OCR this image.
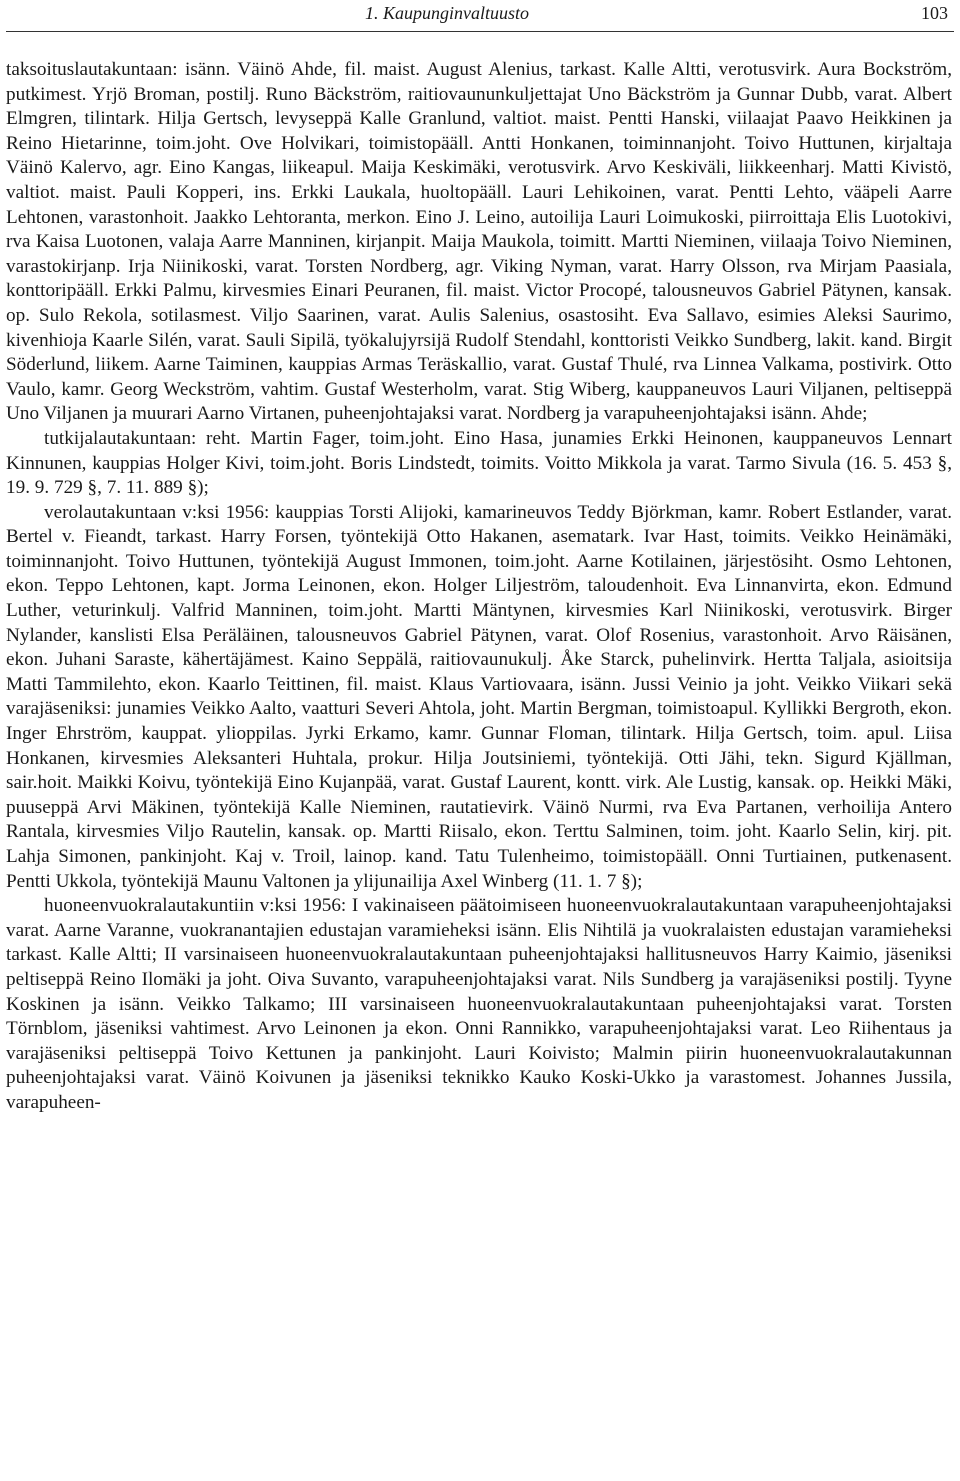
1. Kaupunginvaltuusto	103

taksoituslautakuntaan: isänn. Väinö Ahde, fil. maist. August Alenius, tarkast. Kalle Altti, verotusvirk. Aura Bockström, putkimest. Yrjö Broman, postilj. Runo Bäckström, raitiovaununkuljettajat Uno Bäckström ja Gunnar Dubb, varat. Albert Elmgren, tilintark. Hilja Gertsch, levyseppä Kalle Granlund, valtiot. maist. Pentti Hanski, viilaajat Paavo Heikkinen ja Reino Hietarinne, toim.joht. Ove Holvikari, toimistopääll. Antti Honkanen, toiminnanjoht. Toivo Huttunen, kirjaltaja Väinö Kalervo, agr. Eino Kangas, liikeapul. Maija Keskimäki, verotusvirk. Arvo Keskiväli, liikkeenharj. Matti Kivistö, valtiot. maist. Pauli Kopperi, ins. Erkki Laukala, huoltopääll. Lauri Lehikoinen, varat. Pentti Lehto, vääpeli Aarre Lehtonen, varastonhoit. Jaakko Lehtoranta, merkon. Eino J. Leino, autoilija Lauri Loimukoski, piirroittaja Elis Luotokivi, rva Kaisa Luotonen, valaja Aarre Manninen, kirjanpit. Maija Maukola, toimitt. Martti Nieminen, viilaaja Toivo Nieminen, varastokirjanp. Irja Niinikoski, varat. Torsten Nordberg, agr. Viking Nyman, varat. Harry Olsson, rva Mirjam Paasiala, konttoripääll. Erkki Palmu, kirvesmies Einari Peuranen, fil. maist. Victor Procopé, talousneuvos Gabriel Pätynen, kansak. op. Sulo Rekola, sotilasmest. Viljo Saarinen, varat. Aulis Salenius, osastosiht. Eva Sallavo, esimies Aleksi Saurimo, kivenhioja Kaarle Silén, varat. Sauli Sipilä, työkalujyrsijä Rudolf Stendahl, konttoristi Veikko Sundberg, lakit. kand. Birgit Söderlund, liikem. Aarne Taiminen, kauppias Armas Teräskallio, varat. Gustaf Thulé, rva Linnea Valkama, postivirk. Otto Vaulo, kamr. Georg Weckström, vahtim. Gustaf Westerholm, varat. Stig Wiberg, kauppaneuvos Lauri Viljanen, peltiseppä Uno Viljanen ja muurari Aarno Virtanen, puheenjohtajaksi varat. Nordberg ja varapuheenjohtajaksi isänn. Ahde;

tutkijalautakuntaan: reht. Martin Fager, toim.joht. Eino Hasa, junamies Erkki Heinonen, kauppaneuvos Lennart Kinnunen, kauppias Holger Kivi, toim.joht. Boris Lindstedt, toimits. Voitto Mikkola ja varat. Tarmo Sivula (16. 5. 453 §, 19. 9. 729 §, 7. 11. 889 §);

verolautakuntaan v:ksi 1956: kauppias Torsti Alijoki, kamarineuvos Teddy Björkman, kamr. Robert Estlander, varat. Bertel v. Fieandt, tarkast. Harry Forsen, työntekijä Otto Hakanen, asematark. Ivar Hast, toimits. Veikko Heinämäki, toiminnanjoht. Toivo Huttunen, työntekijä August Immonen, toim.joht. Aarne Kotilainen, järjestösiht. Osmo Lehtonen, ekon. Teppo Lehtonen, kapt. Jorma Leinonen, ekon. Holger Liljeström, taloudenhoit. Eva Linnanvirta, ekon. Edmund Luther, veturinkulj. Valfrid Manninen, toim.joht. Martti Mäntynen, kirvesmies Karl Niinikoski, verotusvirk. Birger Nylander, kanslisti Elsa Peräläinen, talousneuvos Gabriel Pätynen, varat. Olof Rosenius, varastonhoit. Arvo Räisänen, ekon. Juhani Saraste, kähertäjämest. Kaino Seppälä, raitiovaunukulj. Åke Starck, puhelinvirk. Hertta Taljala, asioitsija Matti Tammilehto, ekon. Kaarlo Teittinen, fil. maist. Klaus Vartiovaara, isänn. Jussi Veinio ja joht. Veikko Viikari sekä varajäseniksi: junamies Veikko Aalto, vaatturi Severi Ahtola, joht. Martin Bergman, toimistoapul. Kyllikki Bergroth, ekon. Inger Ehrström, kauppat. ylioppilas. Jyrki Erkamo, kamr. Gunnar Floman, tilintark. Hilja Gertsch, toim. apul. Liisa Honkanen, kirvesmies Aleksanteri Huhtala, prokur. Hilja Joutsiniemi, työntekijä. Otti Jähi, tekn. Sigurd Kjällman, sair.hoit. Maikki Koivu, työntekijä Eino Kujanpää, varat. Gustaf Laurent, kontt. virk. Ale Lustig, kansak. op. Heikki Mäki, puuseppä Arvi Mäkinen, työntekijä Kalle Nieminen, rautatievirk. Väinö Nurmi, rva Eva Partanen, verhoilija Antero Rantala, kirvesmies Viljo Rautelin, kansak. op. Martti Riisalo, ekon. Terttu Salminen, toim. joht. Kaarlo Selin, kirj. pit. Lahja Simonen, pankinjoht. Kaj v. Troil, lainop. kand. Tatu Tulenheimo, toimistopääll. Onni Turtiainen, putkenasent. Pentti Ukkola, työntekijä Maunu Valtonen ja ylijunailija Axel Winberg (11. 1. 7 §);

huoneenvuokralautakuntiin v:ksi 1956: I vakinaiseen päätoimiseen huoneenvuokralautakuntaan varapuheenjohtajaksi varat. Aarne Varanne, vuokranantajien edustajan varamieheksi isänn. Elis Nihtilä ja vuokralaisten edustajan varamieheksi tarkast. Kalle Altti; II varsinaiseen huoneenvuokralautakuntaan puheenjohtajaksi hallitusneuvos Harry Kaimio, jäseniksi peltiseppä Reino Ilomäki ja joht. Oiva Suvanto, varapuheenjohtajaksi varat. Nils Sundberg ja varajäseniksi postilj. Tyyne Koskinen ja isänn. Veikko Talkamo; III varsinaiseen huoneenvuokralautakuntaan puheenjohtajaksi varat. Torsten Törnblom, jäseniksi vahtimest. Arvo Leinonen ja ekon. Onni Rannikko, varapuheenjohtajaksi varat. Leo Riihentaus ja varajäseniksi peltiseppä Toivo Kettunen ja pankinjoht. Lauri Koivisto; Malmin piirin huoneenvuokralautakunnan puheenjohtajaksi varat. Väinö Koivunen ja jäseniksi teknikko Kauko Koski-Ukko ja varastomest. Johannes Jussila, varapuheen-
